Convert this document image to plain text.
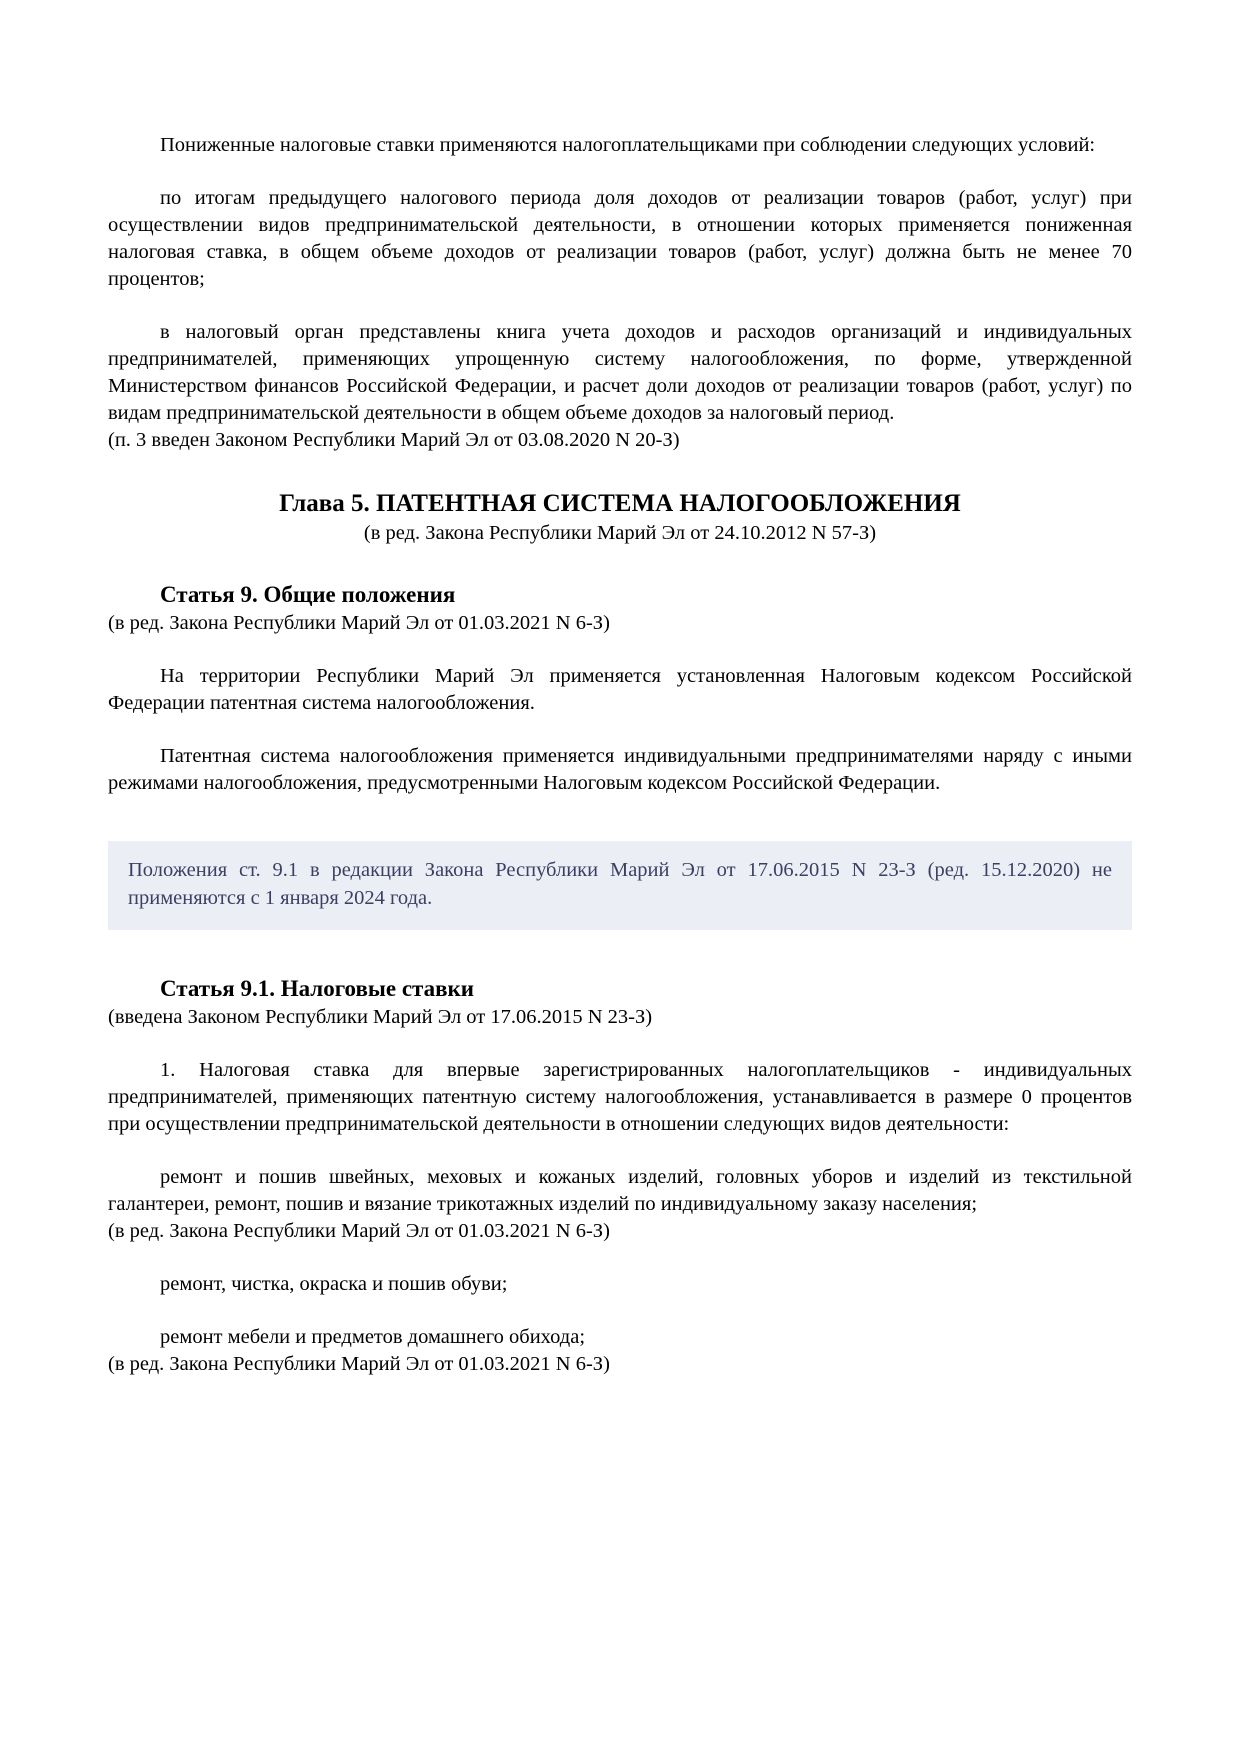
Пониженные налоговые ставки применяются налогоплательщиками при соблюдении следующих условий:

по итогам предыдущего налогового периода доля доходов от реализации товаров (работ, услуг) при осуществлении видов предпринимательской деятельности, в отношении которых применяется пониженная налоговая ставка, в общем объеме доходов от реализации товаров (работ, услуг) должна быть не менее 70 процентов;

в налоговый орган представлены книга учета доходов и расходов организаций и индивидуальных предпринимателей, применяющих упрощенную систему налогообложения, по форме, утвержденной Министерством финансов Российской Федерации, и расчет доли доходов от реализации товаров (работ, услуг) по видам предпринимательской деятельности в общем объеме доходов за налоговый период.

(п. 3 введен Законом Республики Марий Эл от 03.08.2020 N 20-З)

Глава 5. ПАТЕНТНАЯ СИСТЕМА НАЛОГООБЛОЖЕНИЯ

(в ред. Закона Республики Марий Эл от 24.10.2012 N 57-З)

Статья 9. Общие положения

(в ред. Закона Республики Марий Эл от 01.03.2021 N 6-З)

На территории Республики Марий Эл применяется установленная Налоговым кодексом Российской Федерации патентная система налогообложения.

Патентная система налогообложения применяется индивидуальными предпринимателями наряду с иными режимами налогообложения, предусмотренными Налоговым кодексом Российской Федерации.

Положения ст. 9.1 в редакции Закона Республики Марий Эл от 17.06.2015 N 23-З (ред. 15.12.2020) не применяются с 1 января 2024 года.

Статья 9.1. Налоговые ставки

(введена Законом Республики Марий Эл от 17.06.2015 N 23-З)

1. Налоговая ставка для впервые зарегистрированных налогоплательщиков - индивидуальных предпринимателей, применяющих патентную систему налогообложения, устанавливается в размере 0 процентов при осуществлении предпринимательской деятельности в отношении следующих видов деятельности:

ремонт и пошив швейных, меховых и кожаных изделий, головных уборов и изделий из текстильной галантереи, ремонт, пошив и вязание трикотажных изделий по индивидуальному заказу населения;

(в ред. Закона Республики Марий Эл от 01.03.2021 N 6-З)

ремонт, чистка, окраска и пошив обуви;

ремонт мебели и предметов домашнего обихода;

(в ред. Закона Республики Марий Эл от 01.03.2021 N 6-З)
